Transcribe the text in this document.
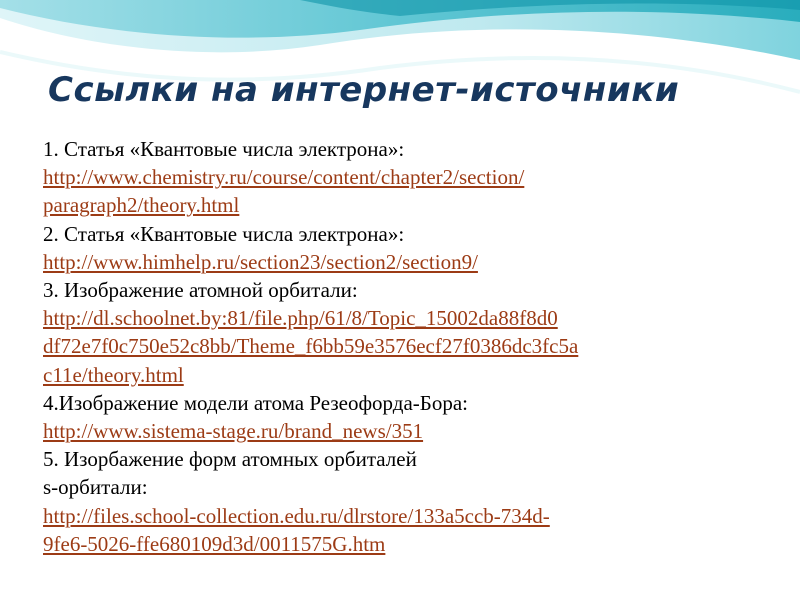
Ссылки на интернет-источники
1. Статья «Квантовые числа электрона»:
http://www.chemistry.ru/course/content/chapter2/section/
paragraph2/theory.html
2. Статья «Квантовые числа электрона»:
http://www.himhelp.ru/section23/section2/section9/
3. Изображение атомной орбитали:
http://dl.schoolnet.by:81/file.php/61/8/Topic_15002da88f8d0
df72e7f0c750e52c8bb/Theme_f6bb59e3576ecf27f0386dc3fc5a
c11e/theory.html
4.Изображение модели атома Резеофорда-Бора:
http://www.sistema-stage.ru/brand_news/351
5. Изорбажение форм атомных орбиталей
s-орбитали:
http://files.school-collection.edu.ru/dlrstore/133a5ccb-734d-
9fe6-5026-ffe680109d3d/0011575G.htm
